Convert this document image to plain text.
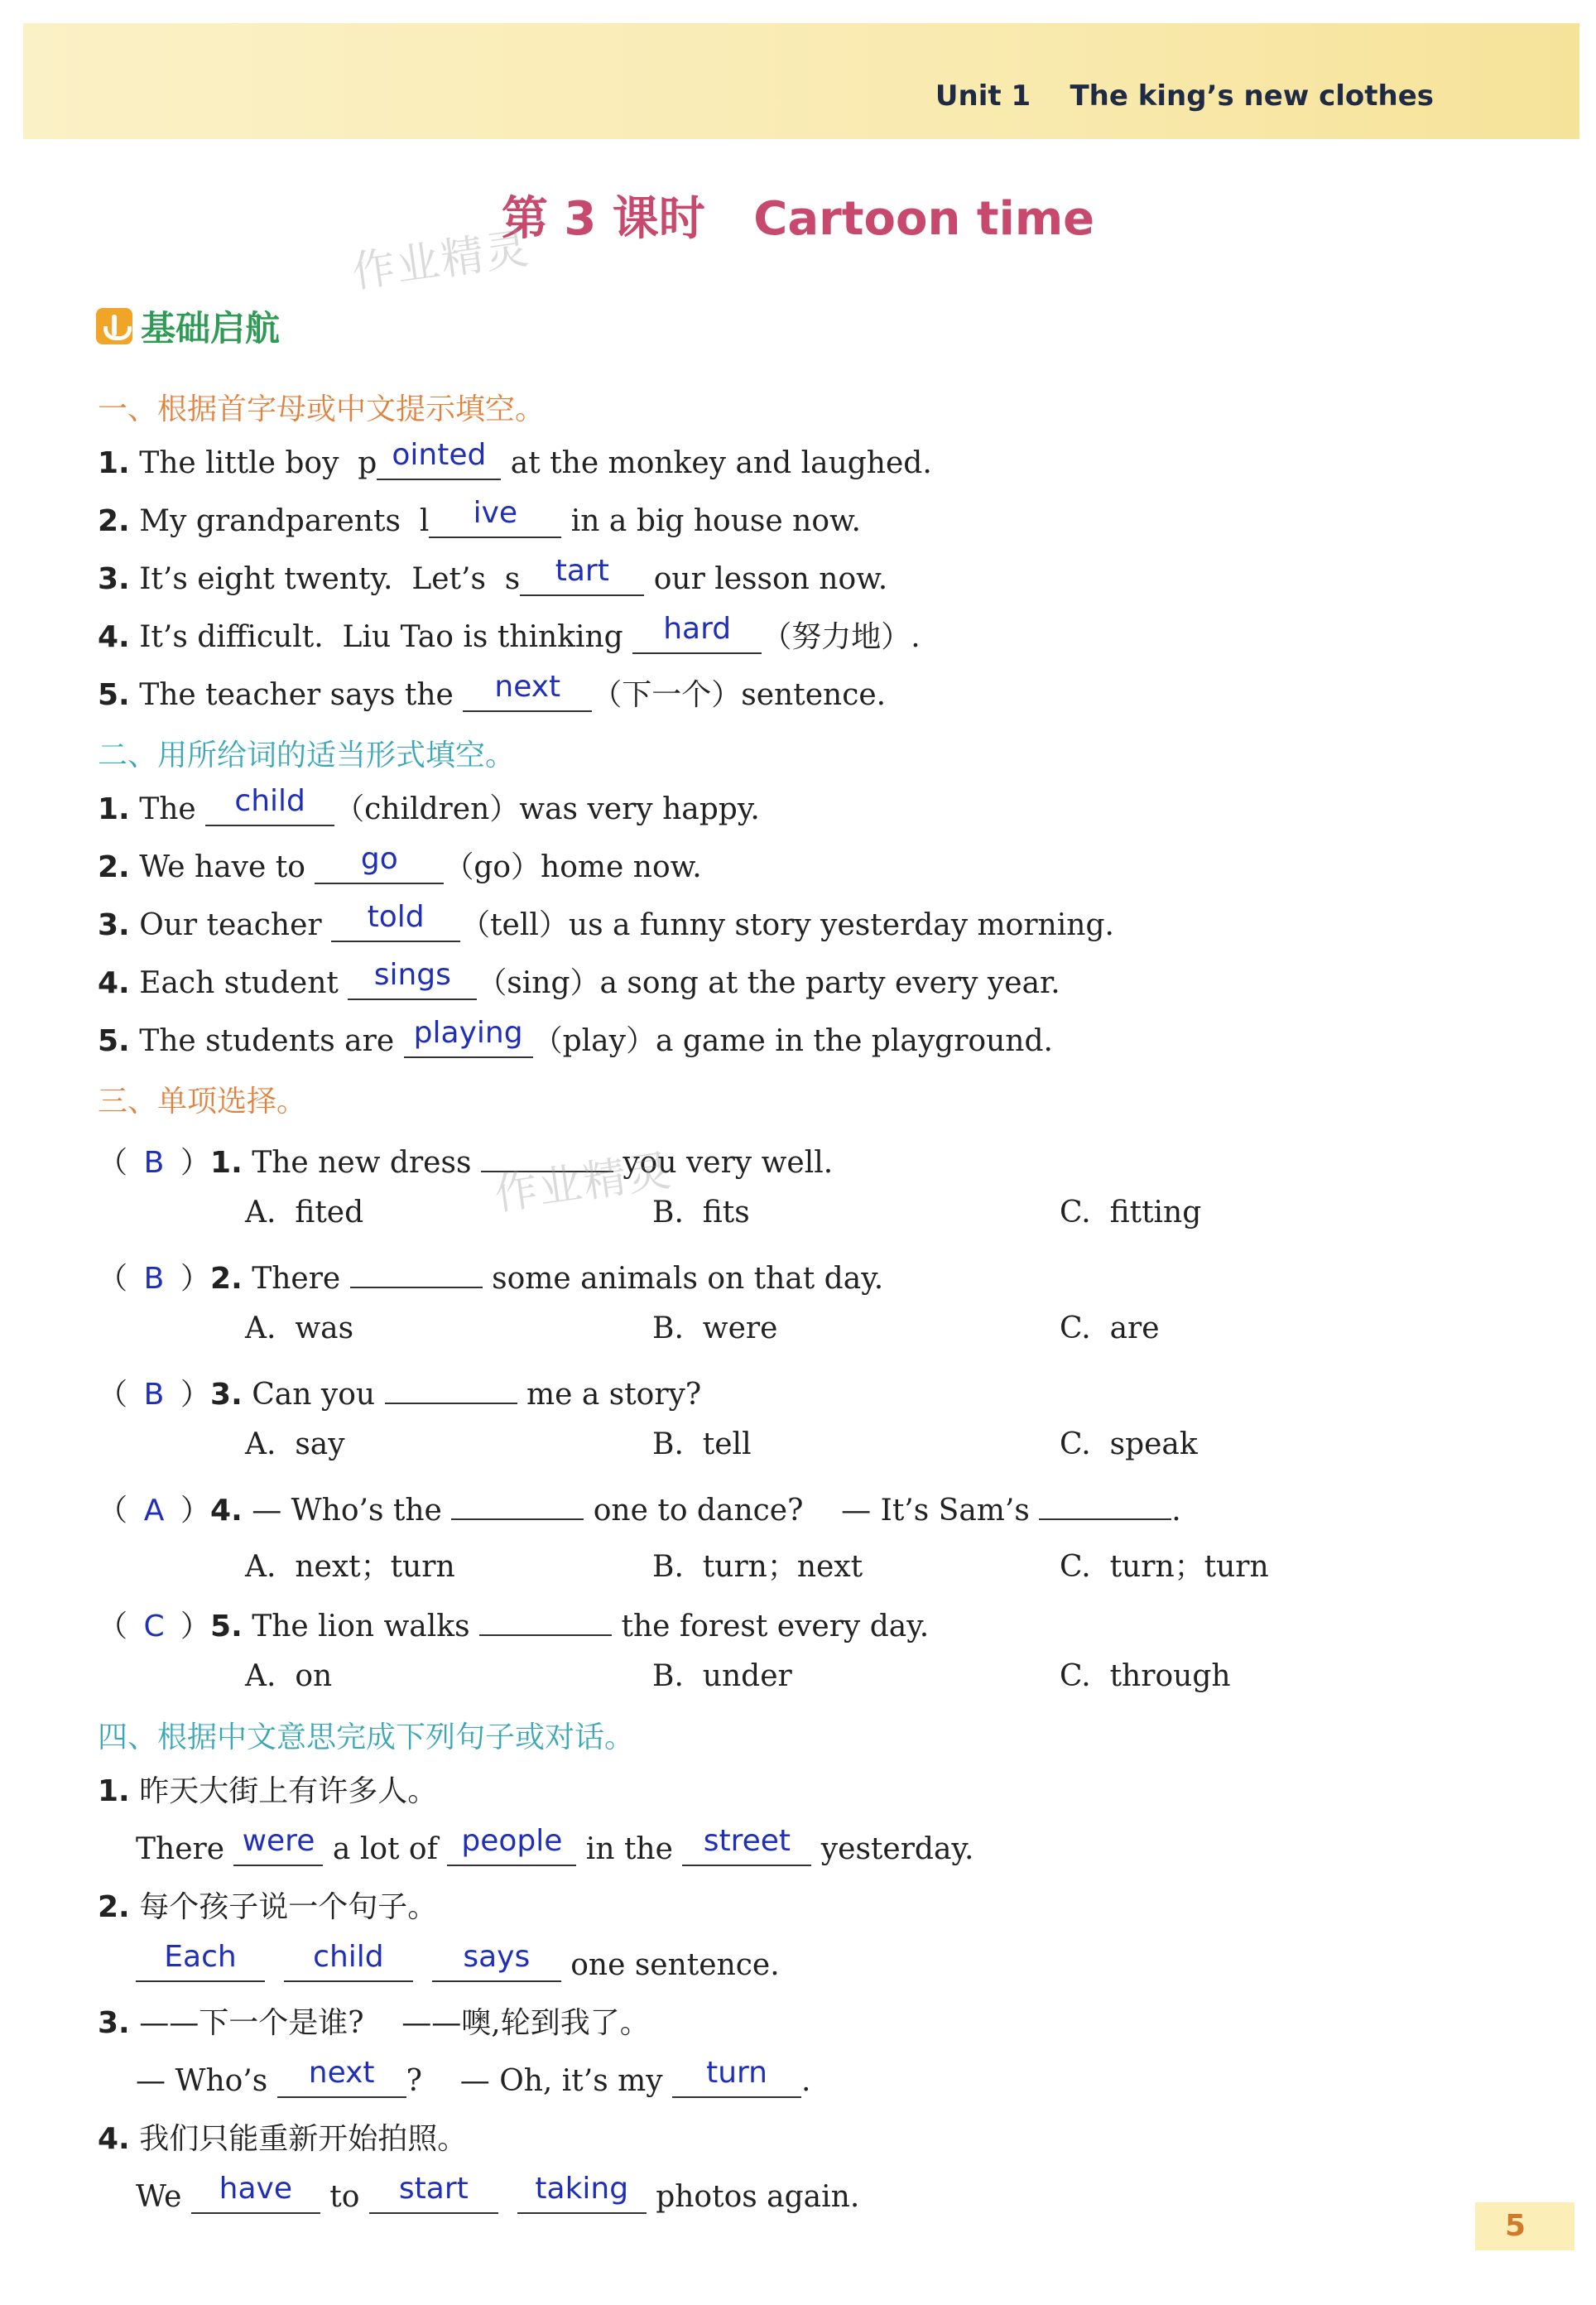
Unit 1 The king’s new clothes
第 3 课时   Cartoon time
作业精灵
基础启航
一、根据首字母或中文提示填空。
1. The little boy  p ointed at the monkey and laughed.
2. My grandparents  l ive in a big house now.
3. It’s eight twenty.  Let’s  s tart our lesson now.
4. It’s difficult.  Liu Tao is thinking hard （努力地）.
5. The teacher says the next （下一个）sentence.
二、用所给词的适当形式填空。
1. The child （children）was very happy.
2. We have to go （go）home now.
3. Our teacher told （tell）us a funny story yesterday morning.
4. Each student sings （sing）a song at the party every year.
5. The students are playing （play）a game in the playground.
三、单项选择。
（ B ）1. The new dress	you very well.
A.  fited	B.  fits	C.  fitting
作业精灵
（ B ）2. There	some animals on that day.
A.  was	B.  were	C.  are
（ B ）3. Can you	me a story?
A.  say	B.  tell	C.  speak
（ A ）4. — Who’s the	one to dance?    — It’s Sam’s	.
A.  next；turn	B.  turn；next	C.  turn；turn
（ C ）5. The lion walks	the forest every day.
A.  on	B.  under	C.  through
四、根据中文意思完成下列句子或对话。
1. 昨天大街上有许多人。
There were a lot of people in the street yesterday.
2. 每个孩子说一个句子。
Each	child	says one sentence.
3. ——下一个是谁?    ——噢,轮到我了。
— Who’s next ?    — Oh, it’s my turn .
4. 我们只能重新开始拍照。
We have to start taking photos again.
5
